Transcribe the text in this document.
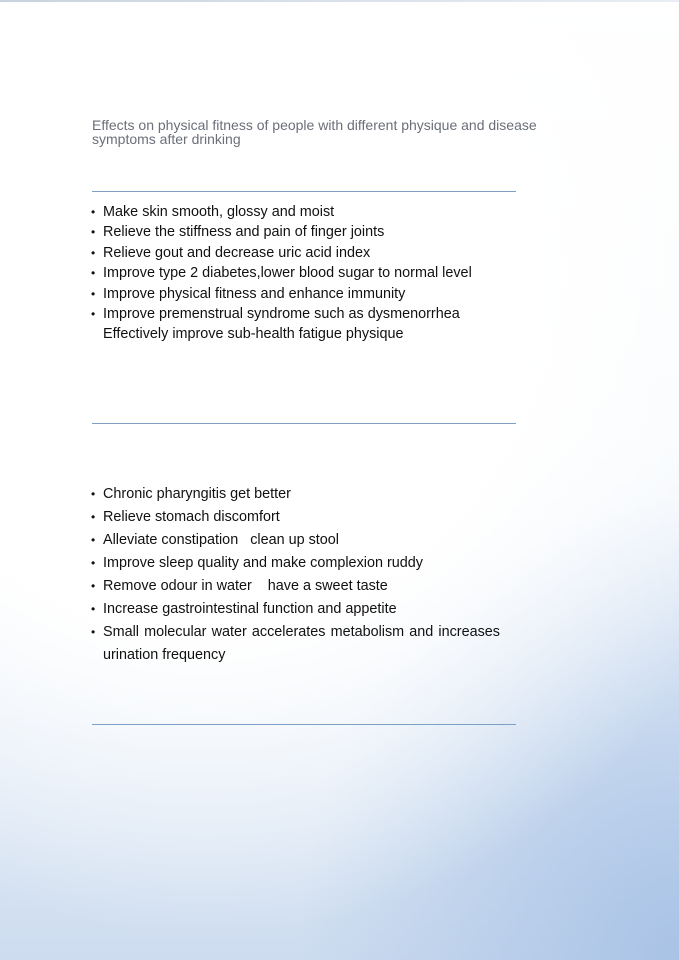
Effects on physical fitness of people with different physique and disease symptoms after drinking
• Make skin smooth, glossy and moist
• Relieve the stiffness and pain of finger joints
• Relieve gout and decrease uric acid index
• Improve type 2 diabetes,lower blood sugar to normal level
• Improve physical fitness and enhance immunity
• Improve premenstrual syndrome such as dysmenorrhea
Effectively improve sub-health fatigue physique
• Chronic pharyngitis get better
• Relieve stomach discomfort
• Alleviate constipation   clean up stool
• Improve sleep quality and make complexion ruddy
• Remove odour in water    have a sweet taste
• Increase gastrointestinal function and appetite
• Small molecular water accelerates metabolism and increases urination frequency
